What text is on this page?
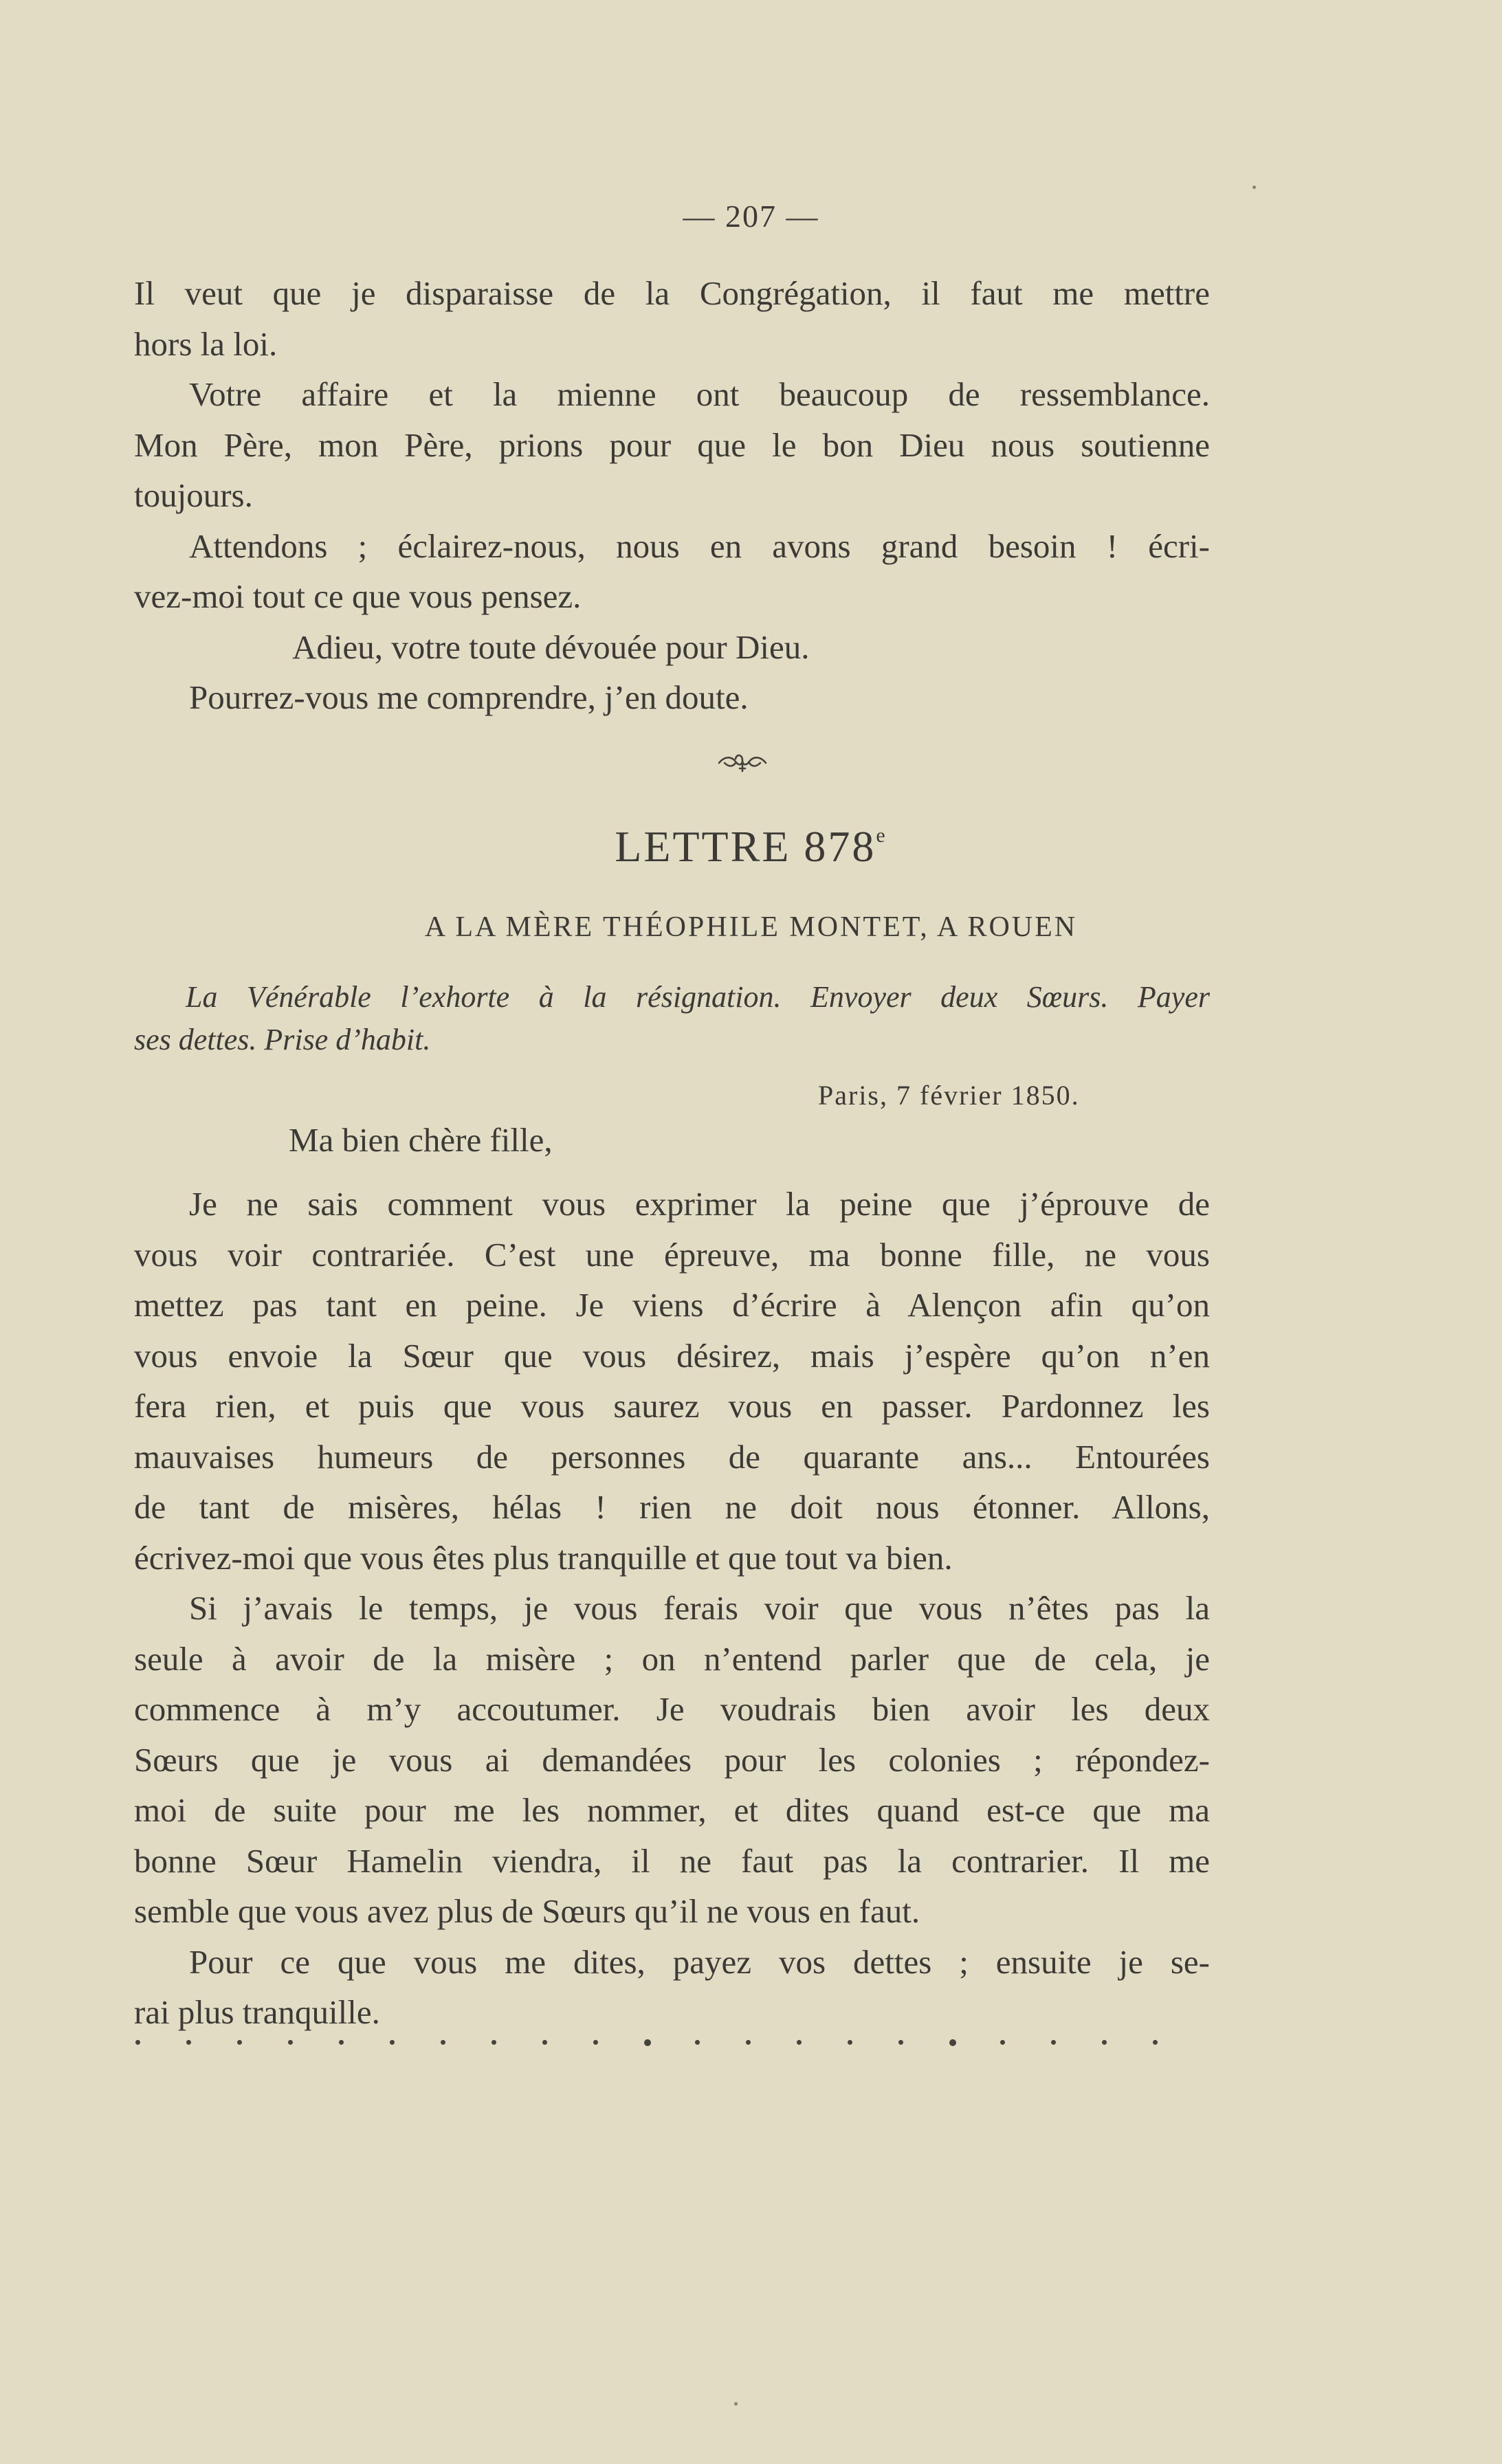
— 207 —
Il veut que je disparaisse de la Congrégation, il faut me mettre
hors la loi.
Votre affaire et la mienne ont beaucoup de ressemblance.
Mon Père, mon Père, prions pour que le bon Dieu nous soutienne
toujours.
Attendons ; éclairez-nous, nous en avons grand besoin ! écri-
vez-moi tout ce que vous pensez.
Adieu, votre toute dévouée pour Dieu.
Pourrez-vous me comprendre, j’en doute.
LETTRE 878e
A LA MÈRE THÉOPHILE MONTET, A ROUEN
La Vénérable l’exhorte à la résignation. Envoyer deux Sœurs. Payer
ses dettes. Prise d’habit.
Paris, 7 février 1850.
Ma bien chère fille,
Je ne sais comment vous exprimer la peine que j’éprouve de
vous voir contrariée. C’est une épreuve, ma bonne fille, ne vous
mettez pas tant en peine. Je viens d’écrire à Alençon afin qu’on
vous envoie la Sœur que vous désirez, mais j’espère qu’on n’en
fera rien, et puis que vous saurez vous en passer. Pardonnez les
mauvaises humeurs de personnes de quarante ans... Entourées
de tant de misères, hélas ! rien ne doit nous étonner. Allons,
écrivez-moi que vous êtes plus tranquille et que tout va bien.
Si j’avais le temps, je vous ferais voir que vous n’êtes pas la
seule à avoir de la misère ; on n’entend parler que de cela, je
commence à m’y accoutumer. Je voudrais bien avoir les deux
Sœurs que je vous ai demandées pour les colonies ; répondez-
moi de suite pour me les nommer, et dites quand est-ce que ma
bonne Sœur Hamelin viendra, il ne faut pas la contrarier. Il me
semble que vous avez plus de Sœurs qu’il ne vous en faut.
Pour ce que vous me dites, payez vos dettes ; ensuite je se-
rai plus tranquille.
